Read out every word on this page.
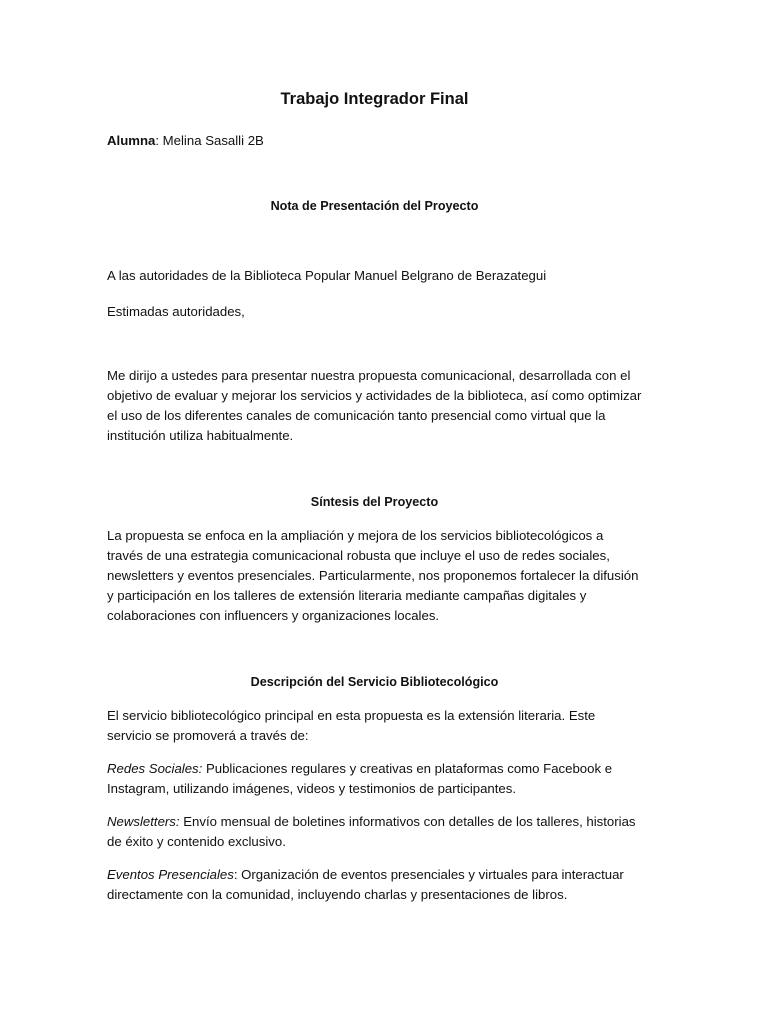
Trabajo Integrador Final

Alumna: Melina Sasalli 2B

Nota de Presentación del Proyecto

A las autoridades de la Biblioteca Popular Manuel Belgrano de Berazategui

Estimadas autoridades,

Me dirijo a ustedes para presentar nuestra propuesta comunicacional, desarrollada con el objetivo de evaluar y mejorar los servicios y actividades de la biblioteca, así como optimizar el uso de los diferentes canales de comunicación tanto presencial como virtual que la institución utiliza habitualmente.

Síntesis del Proyecto

La propuesta se enfoca en la ampliación y mejora de los servicios bibliotecológicos a través de una estrategia comunicacional robusta que incluye el uso de redes sociales, newsletters y eventos presenciales. Particularmente, nos proponemos fortalecer la difusión y participación en los talleres de extensión literaria mediante campañas digitales y colaboraciones con influencers y organizaciones locales.

Descripción del Servicio Bibliotecológico

El servicio bibliotecológico principal en esta propuesta es la extensión literaria. Este servicio se promoverá a través de:

Redes Sociales: Publicaciones regulares y creativas en plataformas como Facebook e Instagram, utilizando imágenes, videos y testimonios de participantes.

Newsletters: Envío mensual de boletines informativos con detalles de los talleres, historias de éxito y contenido exclusivo.

Eventos Presenciales: Organización de eventos presenciales y virtuales para interactuar directamente con la comunidad, incluyendo charlas y presentaciones de libros.
